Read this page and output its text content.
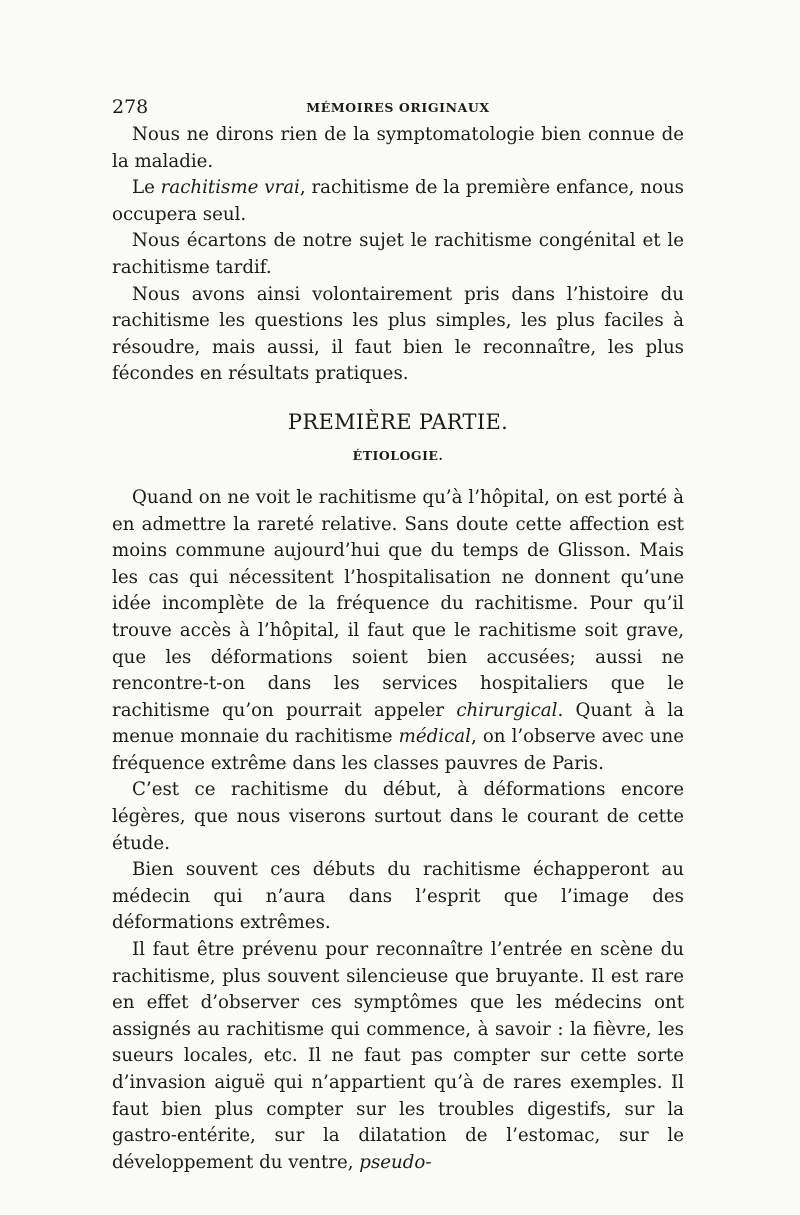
278	MÉMOIRES ORIGINAUX

Nous ne dirons rien de la symptomatologie bien connue de la maladie.

Le rachitisme vrai, rachitisme de la première enfance, nous occupera seul.

Nous écartons de notre sujet le rachitisme congénital et le rachitisme tardif.

Nous avons ainsi volontairement pris dans l’histoire du rachitisme les questions les plus simples, les plus faciles à résoudre, mais aussi, il faut bien le reconnaître, les plus fécondes en résultats pratiques.

PREMIÈRE PARTIE.
ÉTIOLOGIE.

Quand on ne voit le rachitisme qu’à l’hôpital, on est porté à en admettre la rareté relative. Sans doute cette affection est moins commune aujourd’hui que du temps de Glisson. Mais les cas qui nécessitent l’hospitalisation ne donnent qu’une idée incomplète de la fréquence du rachitisme. Pour qu’il trouve accès à l’hôpital, il faut que le rachitisme soit grave, que les déformations soient bien accusées; aussi ne rencontre-t-on dans les services hospitaliers que le rachitisme qu’on pourrait appeler chirurgical. Quant à la menue monnaie du rachitisme médical, on l’observe avec une fréquence extrême dans les classes pauvres de Paris.

C’est ce rachitisme du début, à déformations encore légères, que nous viserons surtout dans le courant de cette étude.

Bien souvent ces débuts du rachitisme échapperont au médecin qui n’aura dans l’esprit que l’image des déformations extrêmes.

Il faut être prévenu pour reconnaître l’entrée en scène du rachitisme, plus souvent silencieuse que bruyante. Il est rare en effet d’observer ces symptômes que les médecins ont assignés au rachitisme qui commence, à savoir : la fièvre, les sueurs locales, etc. Il ne faut pas compter sur cette sorte d’invasion aiguë qui n’appartient qu’à de rares exemples. Il faut bien plus compter sur les troubles digestifs, sur la gastro-entérite, sur la dilatation de l’estomac, sur le développement du ventre, pseudo-
